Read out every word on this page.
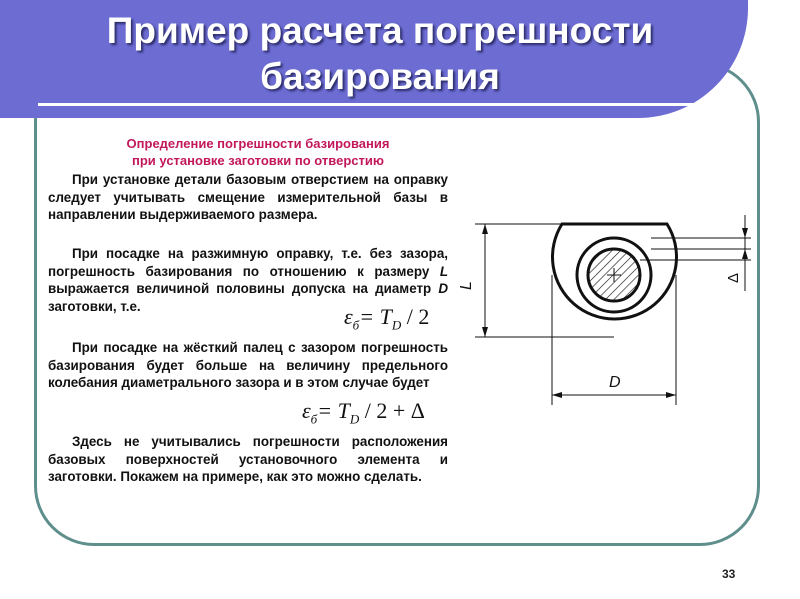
Пример расчета погрешности
базирования
Определение погрешности базирования
при установке заготовки по отверстию
При установке детали базовым отверстием на оправку следует учитывать смещение измерительной базы в направлении выдерживаемого размера.
При посадке на разжимную оправку, т.е. без зазора, погрешность базирования по отношению к размеру L выражается величиной половины допуска на диаметр D заготовки, т.е.	$\varepsilon_б= T_D / 2$
При посадке на жёсткий палец с зазором погрешность базирования будет больше на величину предельного колебания диаметрального зазора и в этом случае будет
$\varepsilon_б= T_D / 2 + \Delta$
Здесь не учитывались погрешности расположения базовых поверхностей установочного элемента и заготовки. Покажем на примере, как это можно сделать.
L
D
Δ
33
